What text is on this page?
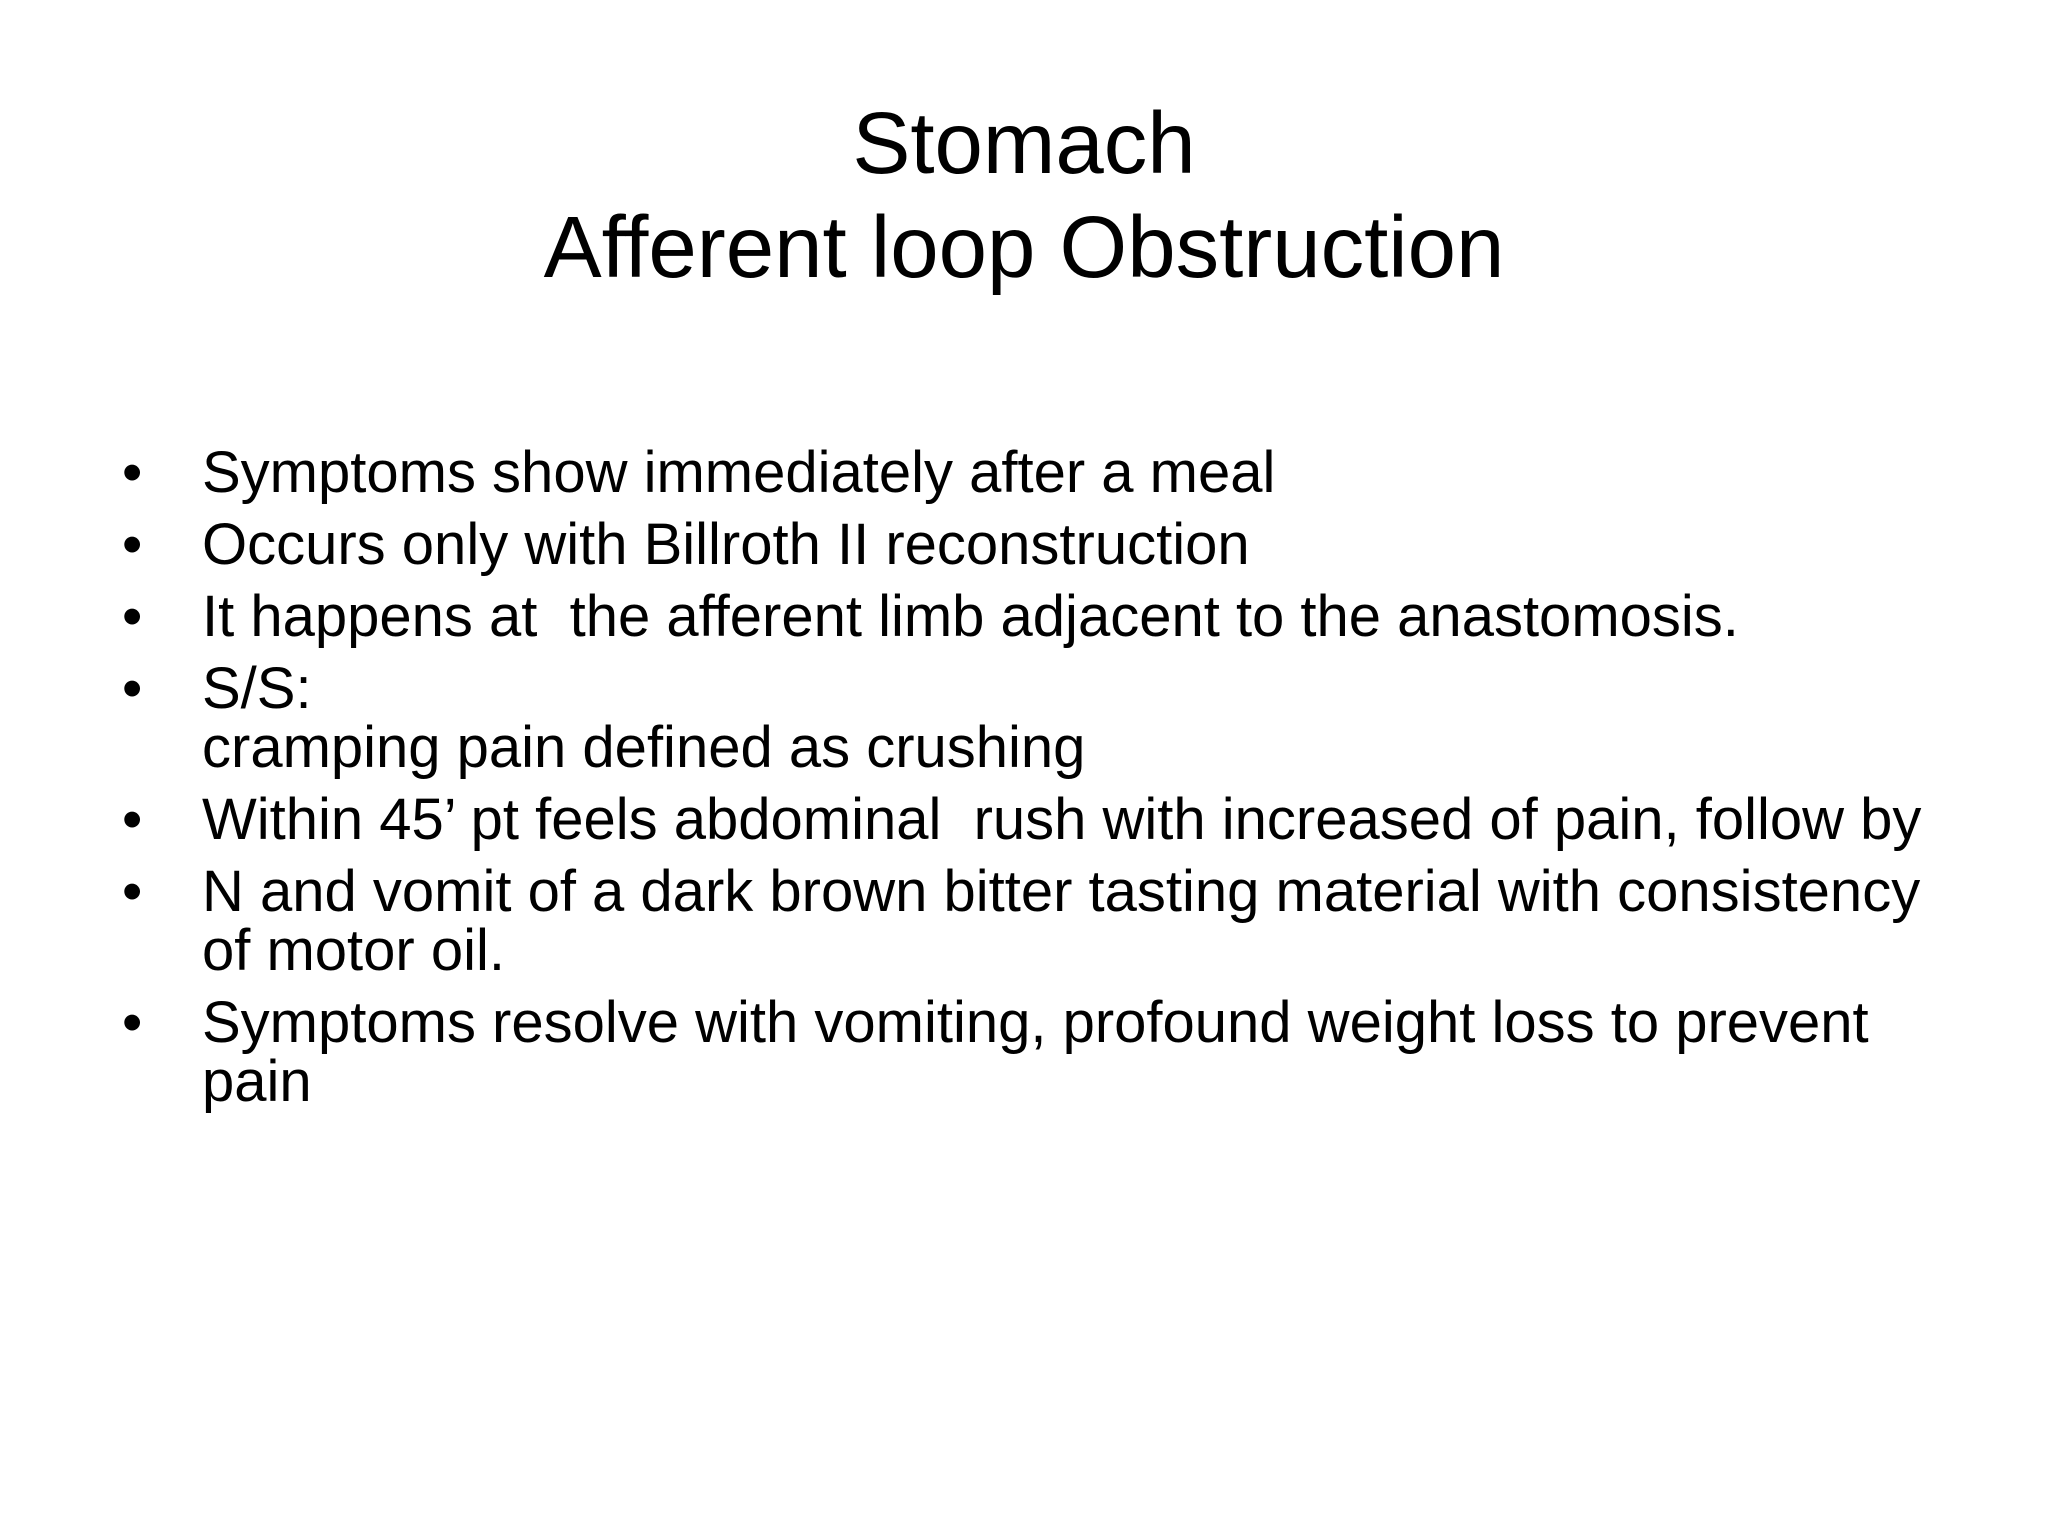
Stomach
Afferent loop Obstruction
• Symptoms show immediately after a meal
• Occurs only with Billroth II reconstruction
• It happens at  the afferent limb adjacent to the anastomosis.
• S/S:
cramping pain defined as crushing
• Within 45’ pt feels abdominal  rush with increased of pain, follow by
• N and vomit of a dark brown bitter tasting material with consistency
of motor oil.
• Symptoms resolve with vomiting, profound weight loss to prevent
pain
